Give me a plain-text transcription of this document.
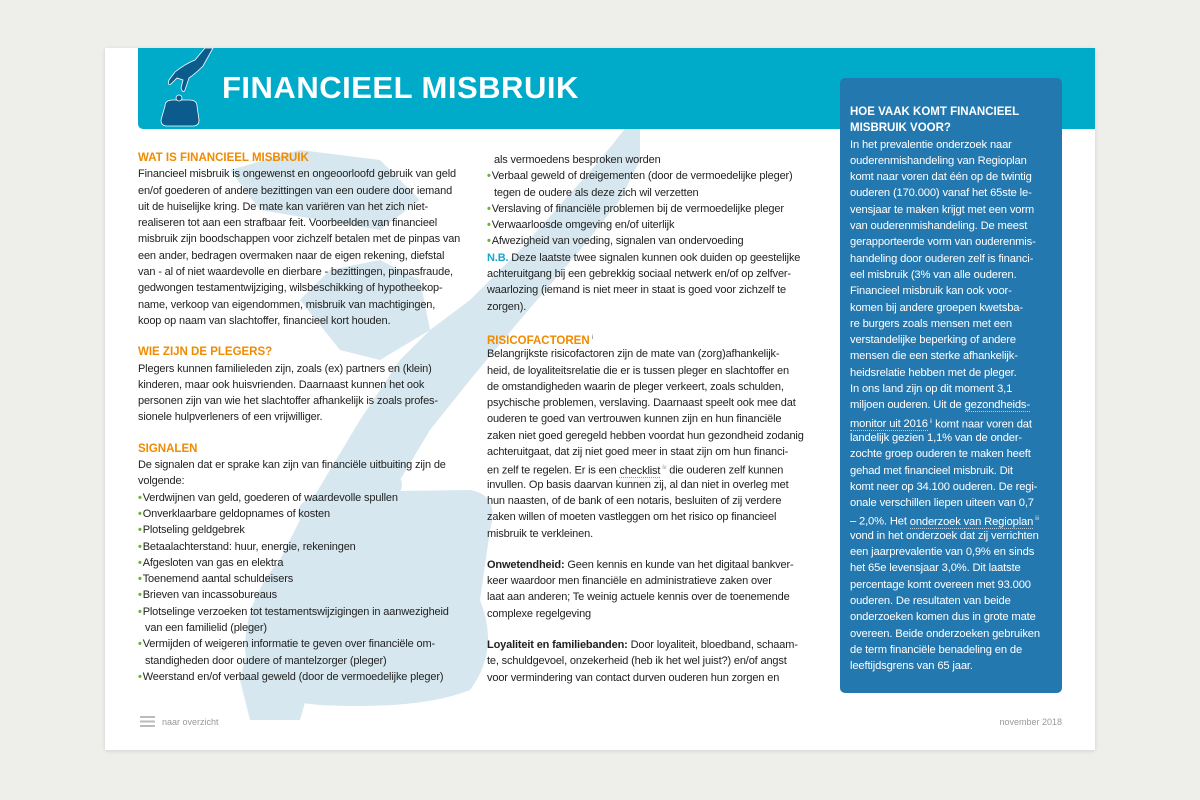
FINANCIEEL MISBRUIK
WAT IS FINANCIEEL MISBRUIK
Financieel misbruik is ongewenst en ongeoorloofd gebruik van geld
en/of goederen of andere bezittingen van een oudere door iemand
uit de huiselijke kring. De mate kan variëren van het zich niet-
realiseren tot aan een strafbaar feit. Voorbeelden van financieel
misbruik zijn boodschappen voor zichzelf betalen met de pinpas van
een ander, bedragen overmaken naar de eigen rekening, diefstal
van - al of niet waardevolle en dierbare - bezittingen, pinpasfraude,
gedwongen testamentwijziging, wilsbeschikking of hypotheekop-
name, verkoop van eigendommen, misbruik van machtigingen,
koop op naam van slachtoffer, financieel kort houden.
WIE ZIJN DE PLEGERS?
Plegers kunnen familieleden zijn, zoals (ex) partners en (klein)
kinderen, maar ook huisvrienden. Daarnaast kunnen het ook
personen zijn van wie het slachtoffer afhankelijk is zoals profes-
sionele hulpverleners of een vrijwilliger.
SIGNALEN
De signalen dat er sprake kan zijn van financiële uitbuiting zijn de
volgende:
•Verdwijnen van geld, goederen of waardevolle spullen
•Onverklaarbare geldopnames of kosten
•Plotseling geldgebrek
•Betaalachterstand: huur, energie, rekeningen
•Afgesloten van gas en elektra
•Toenemend aantal schuldeisers
•Brieven van incassobureaus
•Plotselinge verzoeken tot testamentswijzigingen in aanwezigheid
van een familielid (pleger)
•Vermijden of weigeren informatie te geven over financiële om-
standigheden door oudere of mantelzorger (pleger)
•Weerstand en/of verbaal geweld (door de vermoedelijke pleger)
als vermoedens besproken worden
•Verbaal geweld of dreigementen (door de vermoedelijke pleger)
tegen de oudere als deze zich wil verzetten
•Verslaving of financiële problemen bij de vermoedelijke pleger
•Verwaarloosde omgeving en/of uiterlijk
•Afwezigheid van voeding, signalen van ondervoeding
N.B. Deze laatste twee signalen kunnen ook duiden op geestelijke
achteruitgang bij een gebrekkig sociaal netwerk en/of op zelfver-
waarlozing (iemand is niet meer in staat is goed voor zichzelf te
zorgen).
RISICOFACTOREN $^i$
Belangrijkste risicofactoren zijn de mate van (zorg)afhankelijk-
heid, de loyaliteitsrelatie die er is tussen pleger en slachtoffer en
de omstandigheden waarin de pleger verkeert, zoals schulden,
psychische problemen, verslaving. Daarnaast speelt ook mee dat
ouderen te goed van vertrouwen kunnen zijn en hun financiële
zaken niet goed geregeld hebben voordat hun gezondheid zodanig
achteruitgaat, dat zij niet goed meer in staat zijn om hun financi-
en zelf te regelen. Er is een checklist $^{iv}$ die ouderen zelf kunnen
invullen. Op basis daarvan kunnen zij, al dan niet in overleg met
hun naasten, of de bank of een notaris, besluiten of zij verdere
zaken willen of moeten vastleggen om het risico op financieel
misbruik te verkleinen.
Onwetendheid: Geen kennis en kunde van het digitaal bankver-
keer waardoor men financiële en administratieve zaken over
laat aan anderen; Te weinig actuele kennis over de toenemende
complexe regelgeving
Loyaliteit en familiebanden: Door loyaliteit, bloedband, schaam-
te, schuldgevoel, onzekerheid (heb ik het wel juist?) en/of angst
voor vermindering van contact durven ouderen hun zorgen en
HOE VAAK KOMT FINANCIEEL
MISBRUIK VOOR?
In het prevalentie onderzoek naar
ouderenmishandeling van Regioplan
komt naar voren dat één op de twintig
ouderen (170.000) vanaf het 65ste le-
vensjaar te maken krijgt met een vorm
van ouderenmishandeling. De meest
gerapporteerde vorm van ouderenmis-
handeling door ouderen zelf is financi-
eel misbruik (3% van alle ouderen.
Financieel misbruik kan ook voor-
komen bij andere groepen kwetsba-
re burgers zoals mensen met een
verstandelijke beperking of andere
mensen die een sterke afhankelijk-
heidsrelatie hebben met de pleger.
In ons land zijn op dit moment 3,1
miljoen ouderen. Uit de gezondheids-
monitor uit 2016 $^{ii}$ komt naar voren dat
landelijk gezien 1,1% van de onder-
zochte groep ouderen te maken heeft
gehad met financieel misbruik. Dit
komt neer op 34.100 ouderen. De regi-
onale verschillen liepen uiteen van 0,7
– 2,0%. Het onderzoek van Regioplan $^{iii}$
vond in het onderzoek dat zij verrichten
een jaarprevalentie van 0,9% en sinds
het 65e levensjaar 3,0%. Dit laatste
percentage komt overeen met 93.000
ouderen. De resultaten van beide
onderzoeken komen dus in grote mate
overeen. Beide onderzoeken gebruiken
de term financiële benadeling en de
leeftijdsgrens van 65 jaar.
naar overzicht	november 2018
